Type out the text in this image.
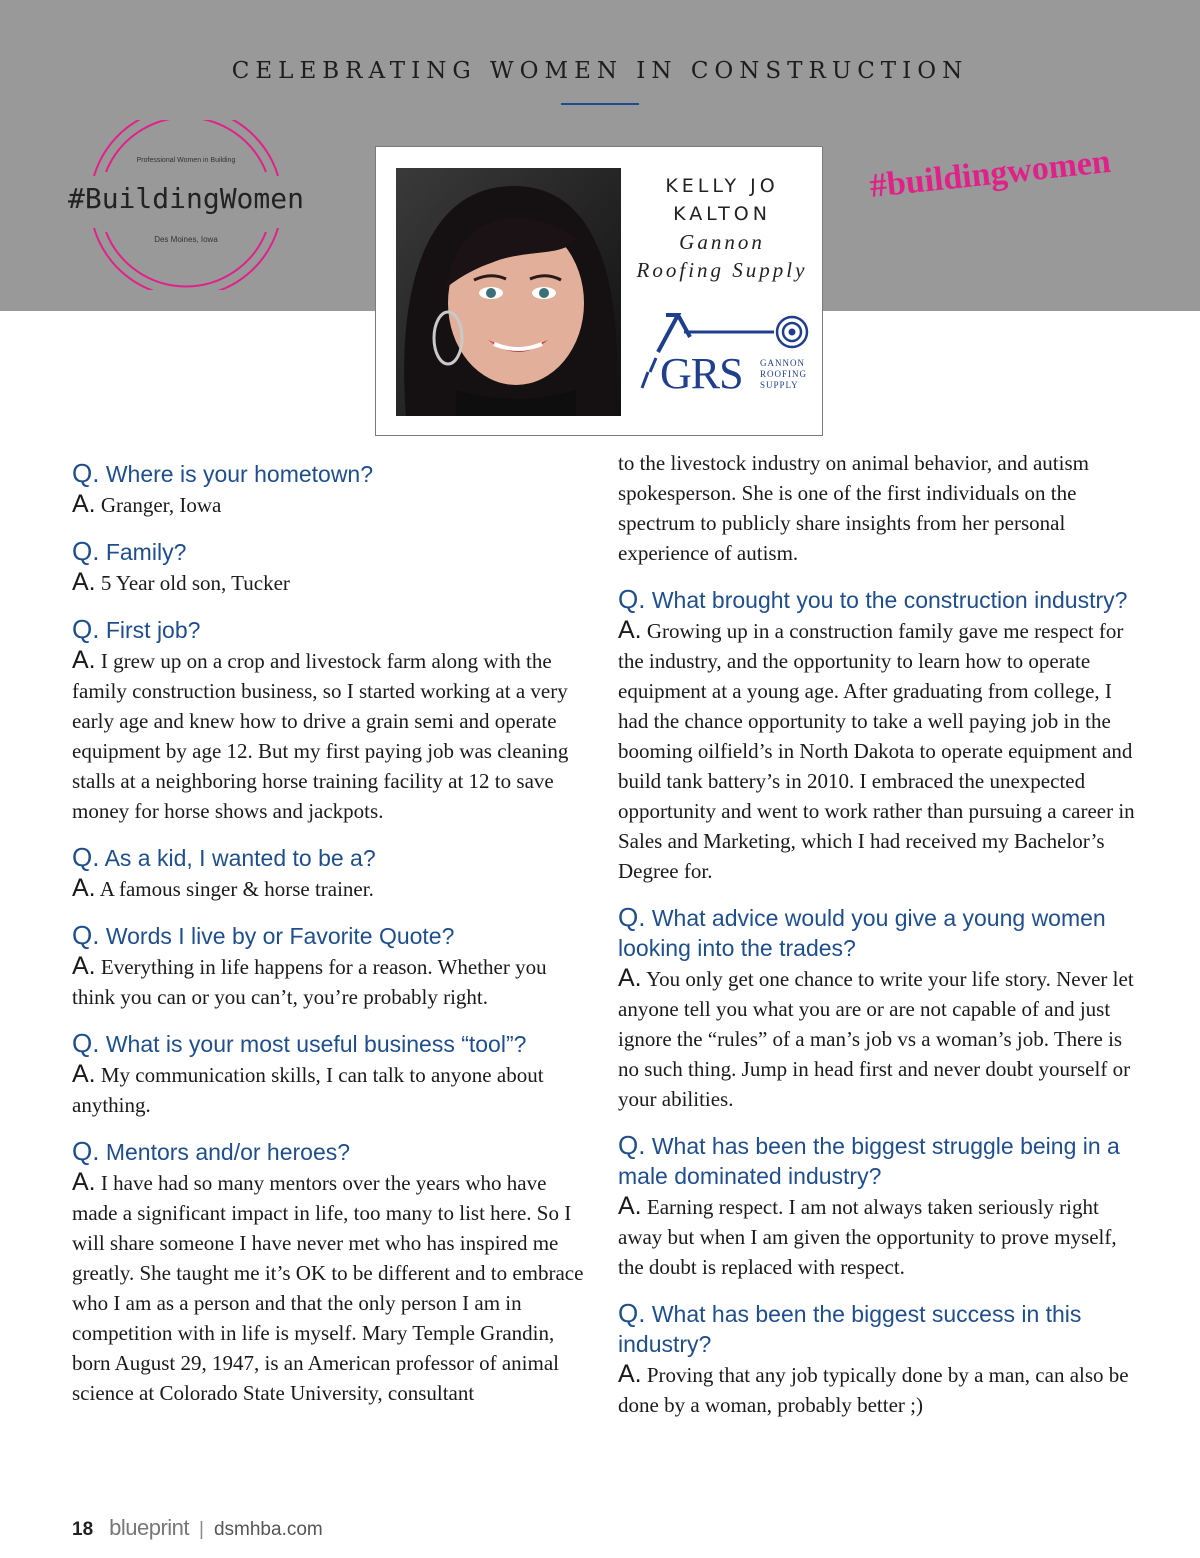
CELEBRATING WOMEN IN CONSTRUCTION
Professional Women in Building
#BuildingWomen
Des Moines, Iowa
#buildingwomen
KELLY JO
KALTON
Gannon
Roofing Supply
GRS GANNON
ROOFING
SUPPLY
Q. Where is your hometown?
A. Granger, Iowa
Q. Family?
A. 5 Year old son, Tucker
Q. First job?
A. I grew up on a crop and livestock farm along with the family construction business, so I started working at a very early age and knew how to drive a grain semi and operate equipment by age 12. But my first paying job was cleaning stalls at a neighboring horse training facility at 12 to save money for horse shows and jackpots.
Q. As a kid, I wanted to be a?
A. A famous singer & horse trainer.
Q. Words I live by or Favorite Quote?
A. Everything in life happens for a reason. Whether you think you can or you can’t, you’re probably right.
Q. What is your most useful business “tool”?
A. My communication skills, I can talk to anyone about anything.
Q. Mentors and/or heroes?
A. I have had so many mentors over the years who have made a significant impact in life, too many to list here. So I will share someone I have never met who has inspired me greatly. She taught me it’s OK to be different and to embrace who I am as a person and that the only person I am in competition with in life is myself. Mary Temple Grandin, born August 29, 1947, is an American professor of animal science at Colorado State University, consultant
to the livestock industry on animal behavior, and autism spokesperson. She is one of the first individuals on the spectrum to publicly share insights from her personal experience of autism.
Q. What brought you to the construction industry?
A. Growing up in a construction family gave me respect for the industry, and the opportunity to learn how to operate equipment at a young age. After graduating from college, I had the chance opportunity to take a well paying job in the booming oilfield’s in North Dakota to operate equipment and build tank battery’s in 2010. I embraced the unexpected opportunity and went to work rather than pursuing a career in Sales and Marketing, which I had received my Bachelor’s Degree for.
Q. What advice would you give a young women looking into the trades?
A. You only get one chance to write your life story. Never let anyone tell you what you are or are not capable of and just ignore the “rules” of a man’s job vs a woman’s job. There is no such thing. Jump in head first and never doubt yourself or your abilities.
Q. What has been the biggest struggle being in a male dominated industry?
A. Earning respect. I am not always taken seriously right away but when I am given the opportunity to prove myself, the doubt is replaced with respect.
Q. What has been the biggest success in this industry?
A. Proving that any job typically done by a man, can also be done by a woman, probably better ;)
18 blueprint | dsmhba.com
